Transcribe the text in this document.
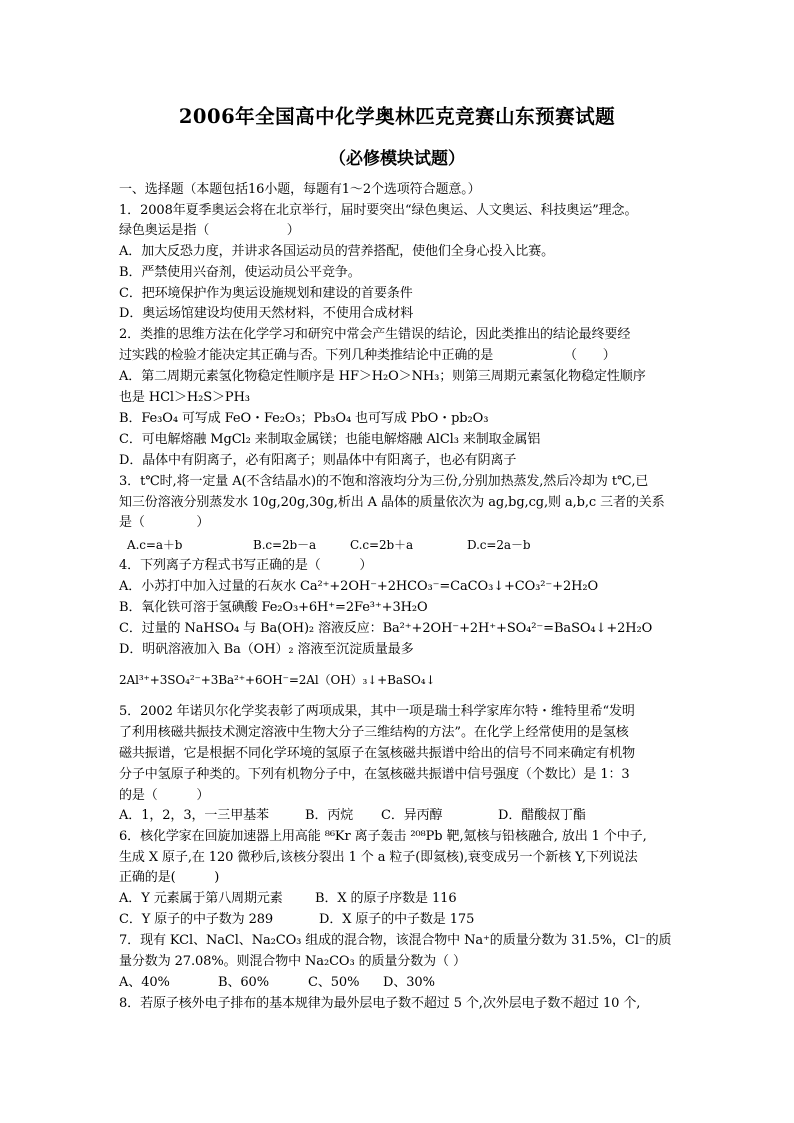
2006年全国高中化学奥林匹克竞赛山东预赛试题
（必修模块试题）
一、选择题（本题包括16小题，每题有1～2个选项符合题意。）
1．2008年夏季奥运会将在北京举行，届时要突出“绿色奥运、人文奥运、科技奥运”理念。
绿色奥运是指（　　　　　　）
A．加大反恐力度，并讲求各国运动员的营养搭配，使他们全身心投入比赛。
B．严禁使用兴奋剂，使运动员公平竞争。
C．把环境保护作为奥运设施规划和建设的首要条件
D．奥运场馆建设均使用天然材料，不使用合成材料
2．类推的思维方法在化学学习和研究中常会产生错误的结论，因此类推出的结论最终要经
过实践的检验才能决定其正确与否。下列几种类推结论中正确的是　　　　　　（　　）
A．第二周期元素氢化物稳定性顺序是 HF＞H₂O＞NH₃；则第三周期元素氢化物稳定性顺序
也是 HCl＞H₂S＞PH₃
B．Fe₃O₄ 可写成 FeO・Fe₂O₃；Pb₃O₄ 也可写成 PbO・pb₂O₃
C．可电解熔融 MgCl₂ 来制取金属镁；也能电解熔融 AlCl₃ 来制取金属铝
D．晶体中有阴离子，必有阳离子；则晶体中有阳离子，也必有阴离子
3．t℃时,将一定量 A(不含结晶水)的不饱和溶液均分为三份,分别加热蒸发,然后冷却为 t℃,已
知三份溶液分别蒸发水 10g,20g,30g,析出 A 晶体的质量依次为 ag,bg,cg,则 a,b,c 三者的关系
是（　　　　）
A.c=a＋b	B.c=2b－a	C.c=2b＋a	D.c=2a－b
4．下列离子方程式书写正确的是（　　　）
A．小苏打中加入过量的石灰水 Ca²⁺+2OH⁻+2HCO₃⁻=CaCO₃↓+CO₃²⁻+2H₂O
B．氧化铁可溶于氢碘酸 Fe₂O₃+6H⁺=2Fe³⁺+3H₂O
C．过量的 NaHSO₄ 与 Ba(OH)₂ 溶液反应：Ba²⁺+2OH⁻+2H⁺+SO₄²⁻=BaSO₄↓+2H₂O
D．明矾溶液加入 Ba（OH）₂ 溶液至沉淀质量最多
2Al³⁺+3SO₄²⁻+3Ba²⁺+6OH⁻=2Al（OH）₃↓+BaSO₄↓
5．2002 年诺贝尔化学奖表彰了两项成果，其中一项是瑞士科学家库尔特・维特里希“发明
了利用核磁共振技术测定溶液中生物大分子三维结构的方法”。在化学上经常使用的是氢核
磁共振谱，它是根据不同化学环境的氢原子在氢核磁共振谱中给出的信号不同来确定有机物
分子中氢原子种类的。下列有机物分子中，在氢核磁共振谱中信号强度（个数比）是 1：3
的是（　　　）
A．1，2，3，一三甲基苯	B．丙烷 C．异丙醇	D．醋酸叔丁酯
6．核化学家在回旋加速器上用高能 ⁸⁶Kr 离子轰击 ²⁰⁸Pb 靶,氪核与铅核融合, 放出 1 个中子,
生成 X 原子,在 120 微秒后,该核分裂出 1 个 a 粒子(即氦核),衰变成另一个新核 Y,下列说法
正确的是(　　　)
A．Y 元素属于第八周期元素 B．X 的原子序数是 116
C．Y 原子的中子数为 289	D．X 原子的中子数是 175
7．现有 KCl、NaCl、Na₂CO₃ 组成的混合物，该混合物中 Na⁺的质量分数为 31.5%，Cl⁻的质
量分数为 27.08%。则混合物中 Na₂CO₃ 的质量分数为（ ）
A、40%	B、60%	C、50% D、30%
8．若原子核外电子排布的基本规律为最外层电子数不超过 5 个,次外层电子数不超过 10 个,
